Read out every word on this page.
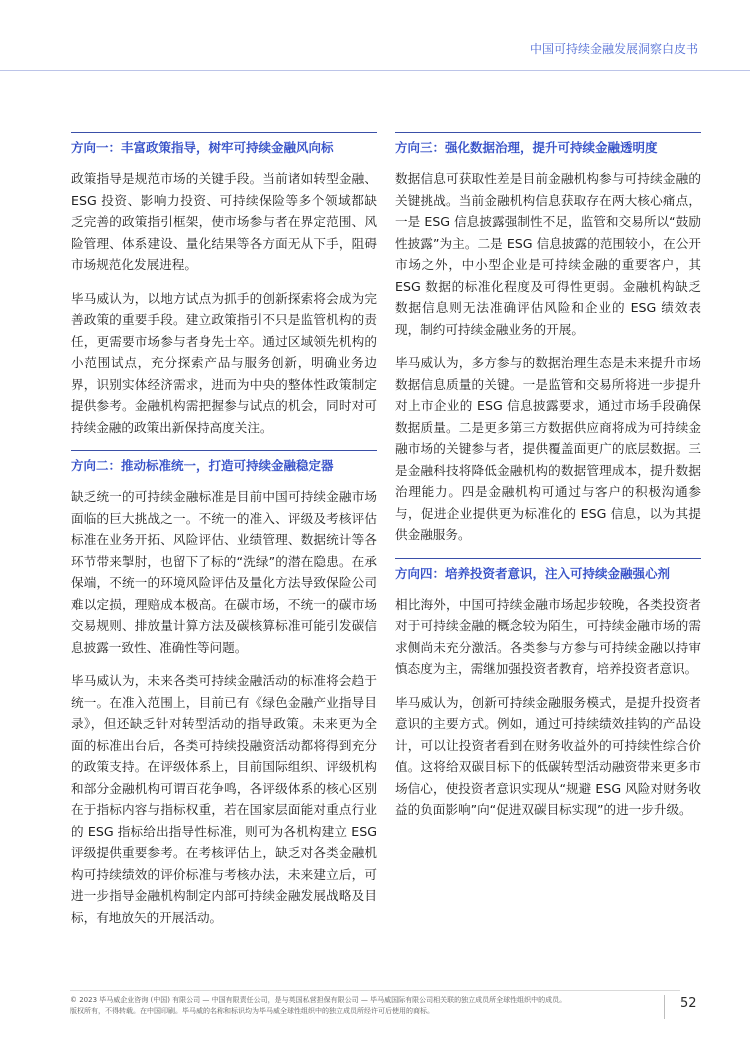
中国可持续金融发展洞察白皮书
方向一：丰富政策指导，树牢可持续金融风向标

政策指导是规范市场的关键手段。当前诸如转型金融、ESG 投资、影响力投资、可持续保险等多个领域都缺乏完善的政策指引框架，使市场参与者在界定范围、风险管理、体系建设、量化结果等各方面无从下手，阻碍市场规范化发展进程。

毕马威认为，以地方试点为抓手的创新探索将会成为完善政策的重要手段。建立政策指引不只是监管机构的责任，更需要市场参与者身先士卒。通过区域领先机构的小范围试点，充分探索产品与服务创新，明确业务边界，识别实体经济需求，进而为中央的整体性政策制定提供参考。金融机构需把握参与试点的机会，同时对可持续金融的政策出新保持高度关注。

方向二：推动标准统一，打造可持续金融稳定器

缺乏统一的可持续金融标准是目前中国可持续金融市场面临的巨大挑战之一。不统一的准入、评级及考核评估标准在业务开拓、风险评估、业绩管理、数据统计等各环节带来掣肘，也留下了标的“洗绿”的潜在隐患。在承保端，不统一的环境风险评估及量化方法导致保险公司难以定损，理赔成本极高。在碳市场，不统一的碳市场交易规则、排放量计算方法及碳核算标准可能引发碳信息披露一致性、准确性等问题。

毕马威认为，未来各类可持续金融活动的标准将会趋于统一。在准入范围上，目前已有《绿色金融产业指导目录》，但还缺乏针对转型活动的指导政策。未来更为全面的标准出台后，各类可持续投融资活动都将得到充分的政策支持。在评级体系上，目前国际组织、评级机构和部分金融机构可谓百花争鸣，各评级体系的核心区别在于指标内容与指标权重，若在国家层面能对重点行业的 ESG 指标给出指导性标准，则可为各机构建立 ESG 评级提供重要参考。在考核评估上，缺乏对各类金融机构可持续绩效的评价标准与考核办法，未来建立后，可进一步指导金融机构制定内部可持续金融发展战略及目标，有地放矢的开展活动。

方向三：强化数据治理，提升可持续金融透明度

数据信息可获取性差是目前金融机构参与可持续金融的关键挑战。当前金融机构信息获取存在两大核心痛点，一是 ESG 信息披露强制性不足，监管和交易所以“鼓励性披露”为主。二是 ESG 信息披露的范围较小，在公开市场之外，中小型企业是可持续金融的重要客户，其 ESG 数据的标准化程度及可得性更弱。金融机构缺乏数据信息则无法准确评估风险和企业的 ESG 绩效表现，制约可持续金融业务的开展。

毕马威认为，多方参与的数据治理生态是未来提升市场数据信息质量的关键。一是监管和交易所将进一步提升对上市企业的 ESG 信息披露要求，通过市场手段确保数据质量。二是更多第三方数据供应商将成为可持续金融市场的关键参与者，提供覆盖面更广的底层数据。三是金融科技将降低金融机构的数据管理成本，提升数据治理能力。四是金融机构可通过与客户的积极沟通参与，促进企业提供更为标准化的 ESG 信息，以为其提供金融服务。

方向四：培养投资者意识，注入可持续金融强心剂

相比海外，中国可持续金融市场起步较晚，各类投资者对于可持续金融的概念较为陌生，可持续金融市场的需求侧尚未充分激活。各类参与方参与可持续金融以持审慎态度为主，需继加强投资者教育，培养投资者意识。

毕马威认为，创新可持续金融服务模式，是提升投资者意识的主要方式。例如，通过可持续绩效挂钩的产品设计，可以让投资者看到在财务收益外的可持续性综合价值。这将给双碳目标下的低碳转型活动融资带来更多市场信心，使投资者意识实现从“规避 ESG 风险对财务收益的负面影响”向“促进双碳目标实现”的进一步升级。

© 2023 毕马威企业咨询 (中国) 有限公司 — 中国有限责任公司，是与英国私营担保有限公司 — 毕马威国际有限公司相关联的独立成员所全球性组织中的成员。
版权所有，不得转载。在中国印刷。毕马威的名称和标识均为毕马威全球性组织中的独立成员所经许可后使用的商标。	52
